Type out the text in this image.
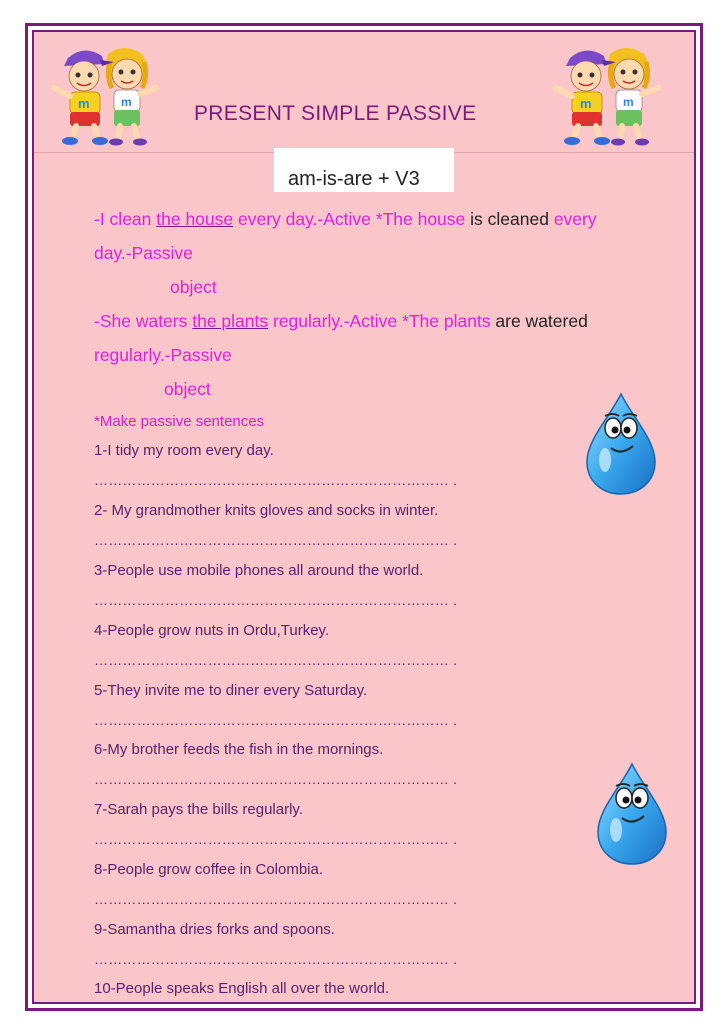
PRESENT SIMPLE PASSIVE
am-is-are + V3
-I clean the house every day.-Active *The house is cleaned every
day.-Passive
object
-She waters the plants regularly.-Active *The plants are watered
regularly.-Passive
object
*Make passive sentences
1-I tidy my room every day.
………………………………………………………………… .
2- My grandmother knits gloves and socks in winter.
………………………………………………………………… .
3-People use mobile phones all around the world.
………………………………………………………………… .
4-People grow nuts in Ordu,Turkey.
………………………………………………………………… .
5-They invite me to diner every Saturday.
………………………………………………………………… .
6-My brother feeds the fish in the mornings.
………………………………………………………………… .
7-Sarah pays the bills regularly.
………………………………………………………………… .
8-People grow coffee in Colombia.
………………………………………………………………… .
9-Samantha dries forks and spoons.
………………………………………………………………… .
10-People speaks English all over the world.
